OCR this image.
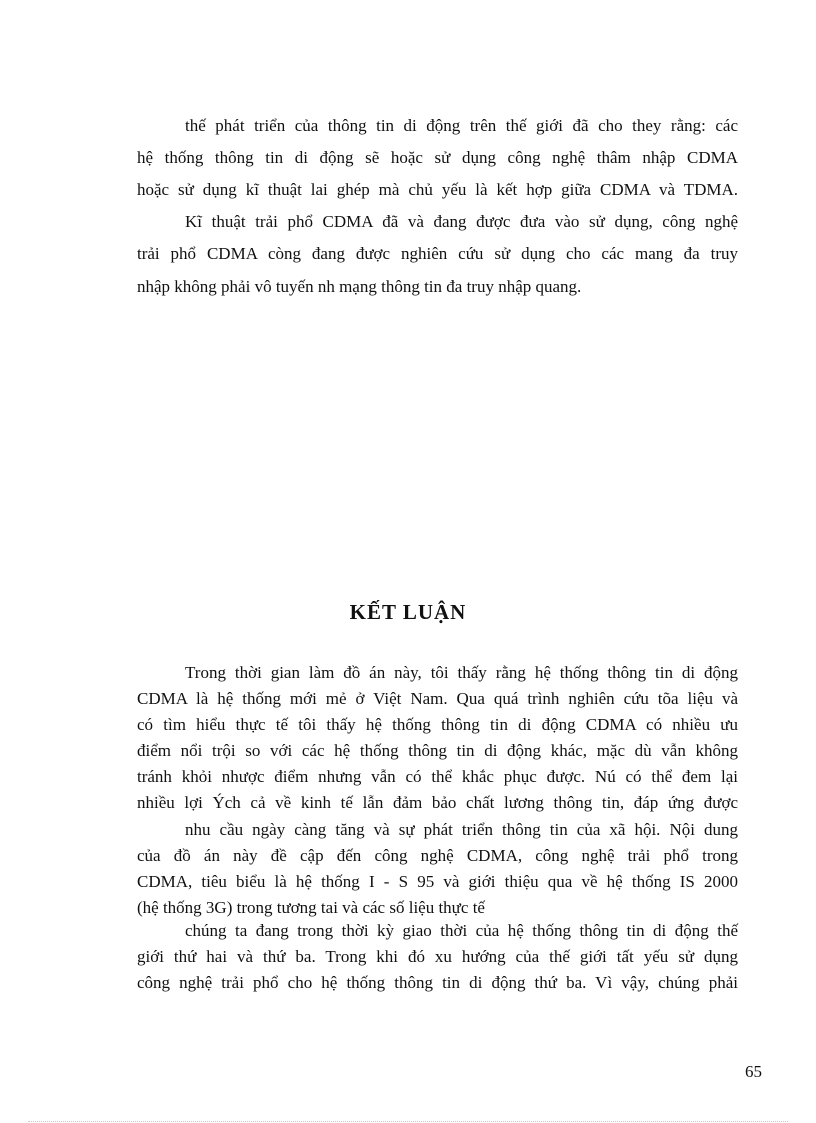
thế phát triển của thông tin di động trên thế giới đã cho they rằng: các
hệ thống thông tin di động sẽ hoặc sử dụng công nghệ thâm nhập CDMA
hoặc sử dụng kĩ thuật lai ghép mà chủ yếu là kết hợp giữa CDMA và TDMA.
Kĩ thuật trải phổ CDMA đã và đang được đưa vào sử dụng, công nghệ
trải phổ CDMA còng đang được nghiên cứu sử dụng cho các mang đa truy
nhập không phải vô tuyến nh mạng thông tin đa truy nhập quang.
KẾT LUẬN
Trong thời gian làm đồ án này, tôi thấy rằng hệ thống thông tin di động
CDMA là hệ thống mới mẻ ở Việt Nam. Qua quá trình nghiên cứu tõa liệu và
có tìm hiểu thực tế tôi thấy hệ thống thông tin di động CDMA có nhiều ưu
điểm nổi trội so với các hệ thống thông tin di động khác, mặc dù vẫn không
tránh khỏi nhược điểm nhưng vẫn có thể khắc phục được. Nú có thể đem lại
nhiều lợi Ých cả về kinh tế lẫn đảm bảo chất lương thông tin, đáp ứng được
nhu cầu ngày càng tăng và sự phát triển thông tin của xã hội. Nội dung
của đồ án này đề cập đến công nghệ CDMA, công nghệ trải phổ trong
CDMA, tiêu biểu là hệ thống I - S 95 và giới thiệu qua về hệ thống IS 2000
(hệ thống 3G) trong tương tai và các số liệu thực tế
chúng ta đang trong thời kỳ giao thời của hệ thống thông tin di động thế
giới thứ hai và thứ ba. Trong khi đó xu hướng của thế giới tất yếu sử dụng
công nghệ trải phổ cho hệ thống thông tin di động thứ ba. Vì vậy, chúng phải
65
